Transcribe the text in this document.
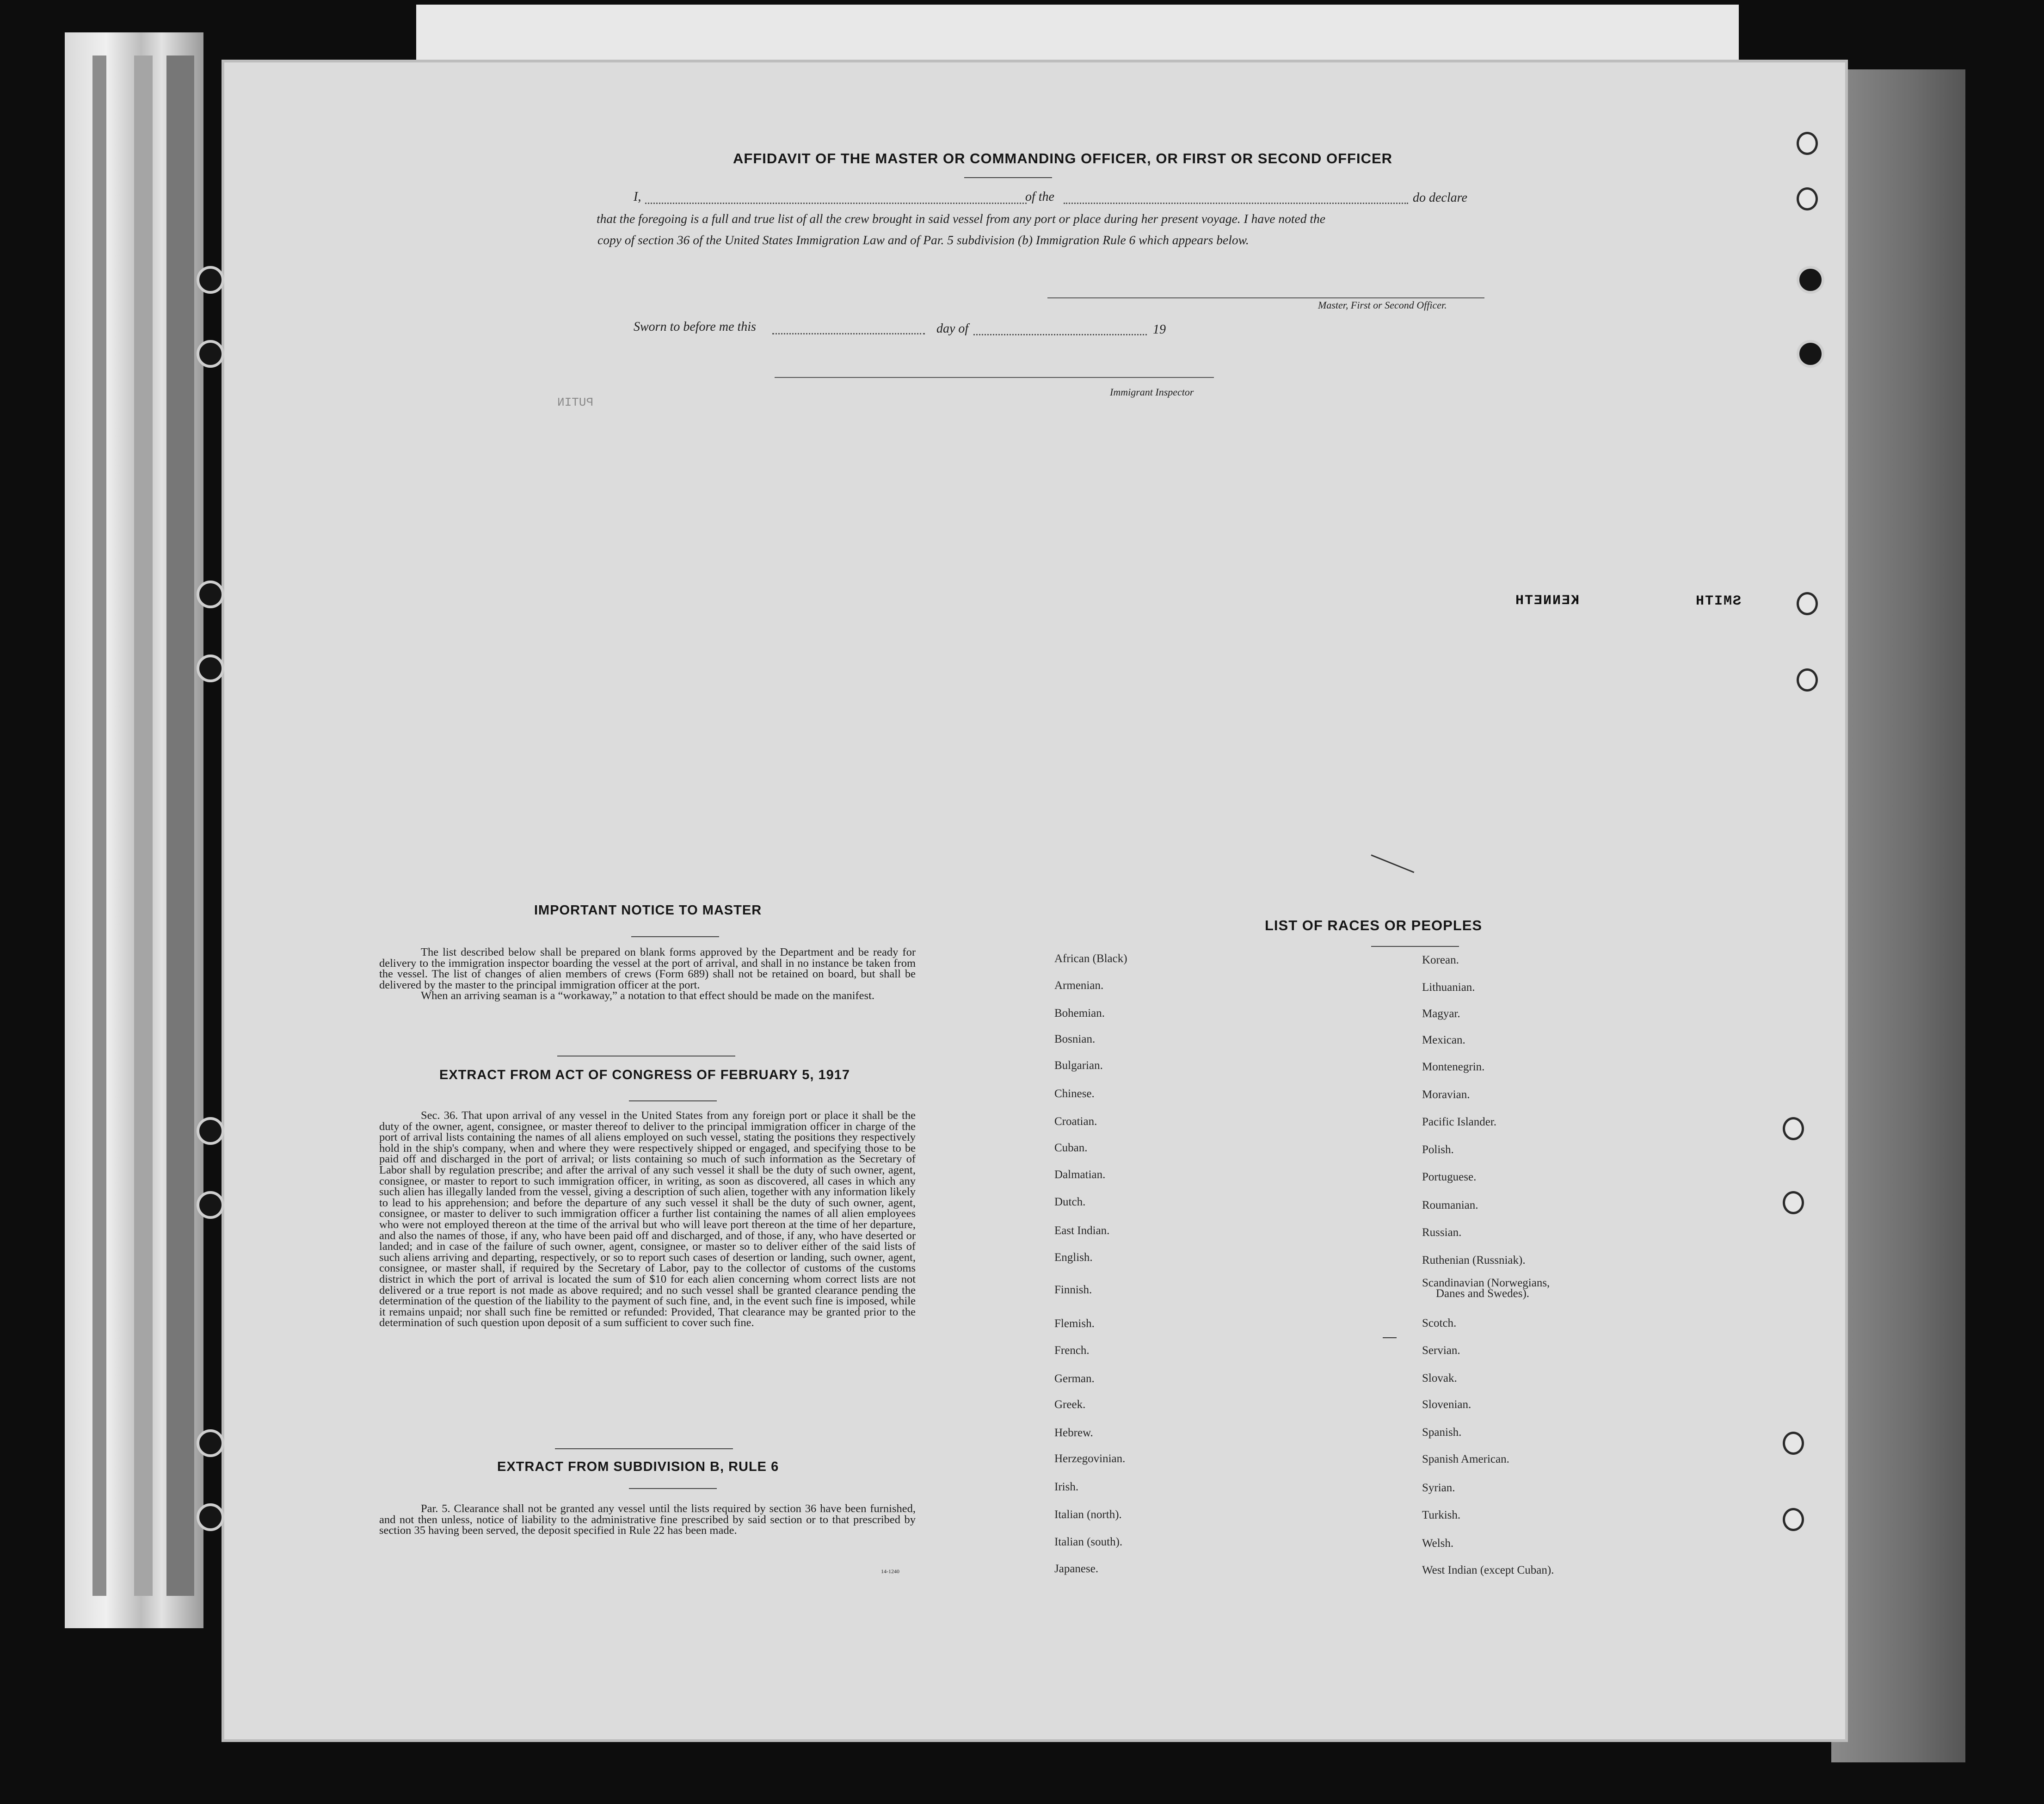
AFFIDAVIT OF THE MASTER OR COMMANDING OFFICER, OR FIRST OR SECOND OFFICER
I,	of the	do declare
that the foregoing is a full and true list of all the crew brought in said vessel from any port or place during her present voyage. I have noted the
copy of section 36 of the United States Immigration Law and of Par. 5 subdivision (b) Immigration Rule 6 which appears below.
Master, First or Second Officer.
Sworn to before me this	day of	19
Immigrant Inspector
PUTIN
KENNETH	SMITH
IMPORTANT NOTICE TO MASTER

The list described below shall be prepared on blank forms approved by the Department and be ready for delivery to the immigration inspector boarding the vessel at the port of arrival, and shall in no instance be taken from the vessel. The list of changes of alien members of crews (Form 689) shall not be retained on board, but shall be delivered by the master to the principal immigration officer at the port.

When an arriving seaman is a “workaway,” a notation to that effect should be made on the manifest.

EXTRACT FROM ACT OF CONGRESS OF FEBRUARY 5, 1917

Sec. 36. That upon arrival of any vessel in the United States from any foreign port or place it shall be the duty of the owner, agent, consignee, or master thereof to deliver to the principal immigration officer in charge of the port of arrival lists containing the names of all aliens employed on such vessel, stating the positions they respectively hold in the ship's company, when and where they were respectively shipped or engaged, and specifying those to be paid off and discharged in the port of arrival; or lists containing so much of such information as the Secretary of Labor shall by regulation prescribe; and after the arrival of any such vessel it shall be the duty of such owner, agent, consignee, or master to report to such immigration officer, in writing, as soon as discovered, all cases in which any such alien has illegally landed from the vessel, giving a description of such alien, together with any information likely to lead to his apprehension; and before the departure of any such vessel it shall be the duty of such owner, agent, consignee, or master to deliver to such immigration officer a further list containing the names of all alien employees who were not employed thereon at the time of the arrival but who will leave port thereon at the time of her departure, and also the names of those, if any, who have been paid off and discharged, and of those, if any, who have deserted or landed; and in case of the failure of such owner, agent, consignee, or master so to deliver either of the said lists of such aliens arriving and departing, respectively, or so to report such cases of desertion or landing, such owner, agent, consignee, or master shall, if required by the Secretary of Labor, pay to the collector of customs of the customs district in which the port of arrival is located the sum of $10 for each alien concerning whom correct lists are not delivered or a true report is not made as above required; and no such vessel shall be granted clearance pending the determination of the question of the liability to the payment of such fine, and, in the event such fine is imposed, while it remains unpaid; nor shall such fine be remitted or refunded: Provided, That clearance may be granted prior to the determination of such question upon deposit of a sum sufficient to cover such fine.

EXTRACT FROM SUBDIVISION B, RULE 6

Par. 5. Clearance shall not be granted any vessel until the lists required by section 36 have been furnished, and not then unless, notice of liability to the administrative fine prescribed by said section or to that prescribed by section 35 having been served, the deposit specified in Rule 22 has been made.

14-1240
LIST OF RACES OR PEOPLES
African (Black)
Armenian.
Bohemian.
Bosnian.
Bulgarian.
Chinese.
Croatian.
Cuban.
Dalmatian.
Dutch.
East Indian.
English.
Finnish.
Flemish.
French.
German.
Greek.
Hebrew.
Herzegovinian.
Irish.
Italian (north).
Italian (south).
Japanese.
Korean.
Lithuanian.
Magyar.
Mexican.
Montenegrin.
Moravian.
Pacific Islander.
Polish.
Portuguese.
Roumanian.
Russian.
Ruthenian (Russniak).
Scandinavian (Norwegians,
Danes and Swedes).
Scotch.
Servian.
Slovak.
Slovenian.
Spanish.
Spanish American.
Syrian.
Turkish.
Welsh.
West Indian (except Cuban).
